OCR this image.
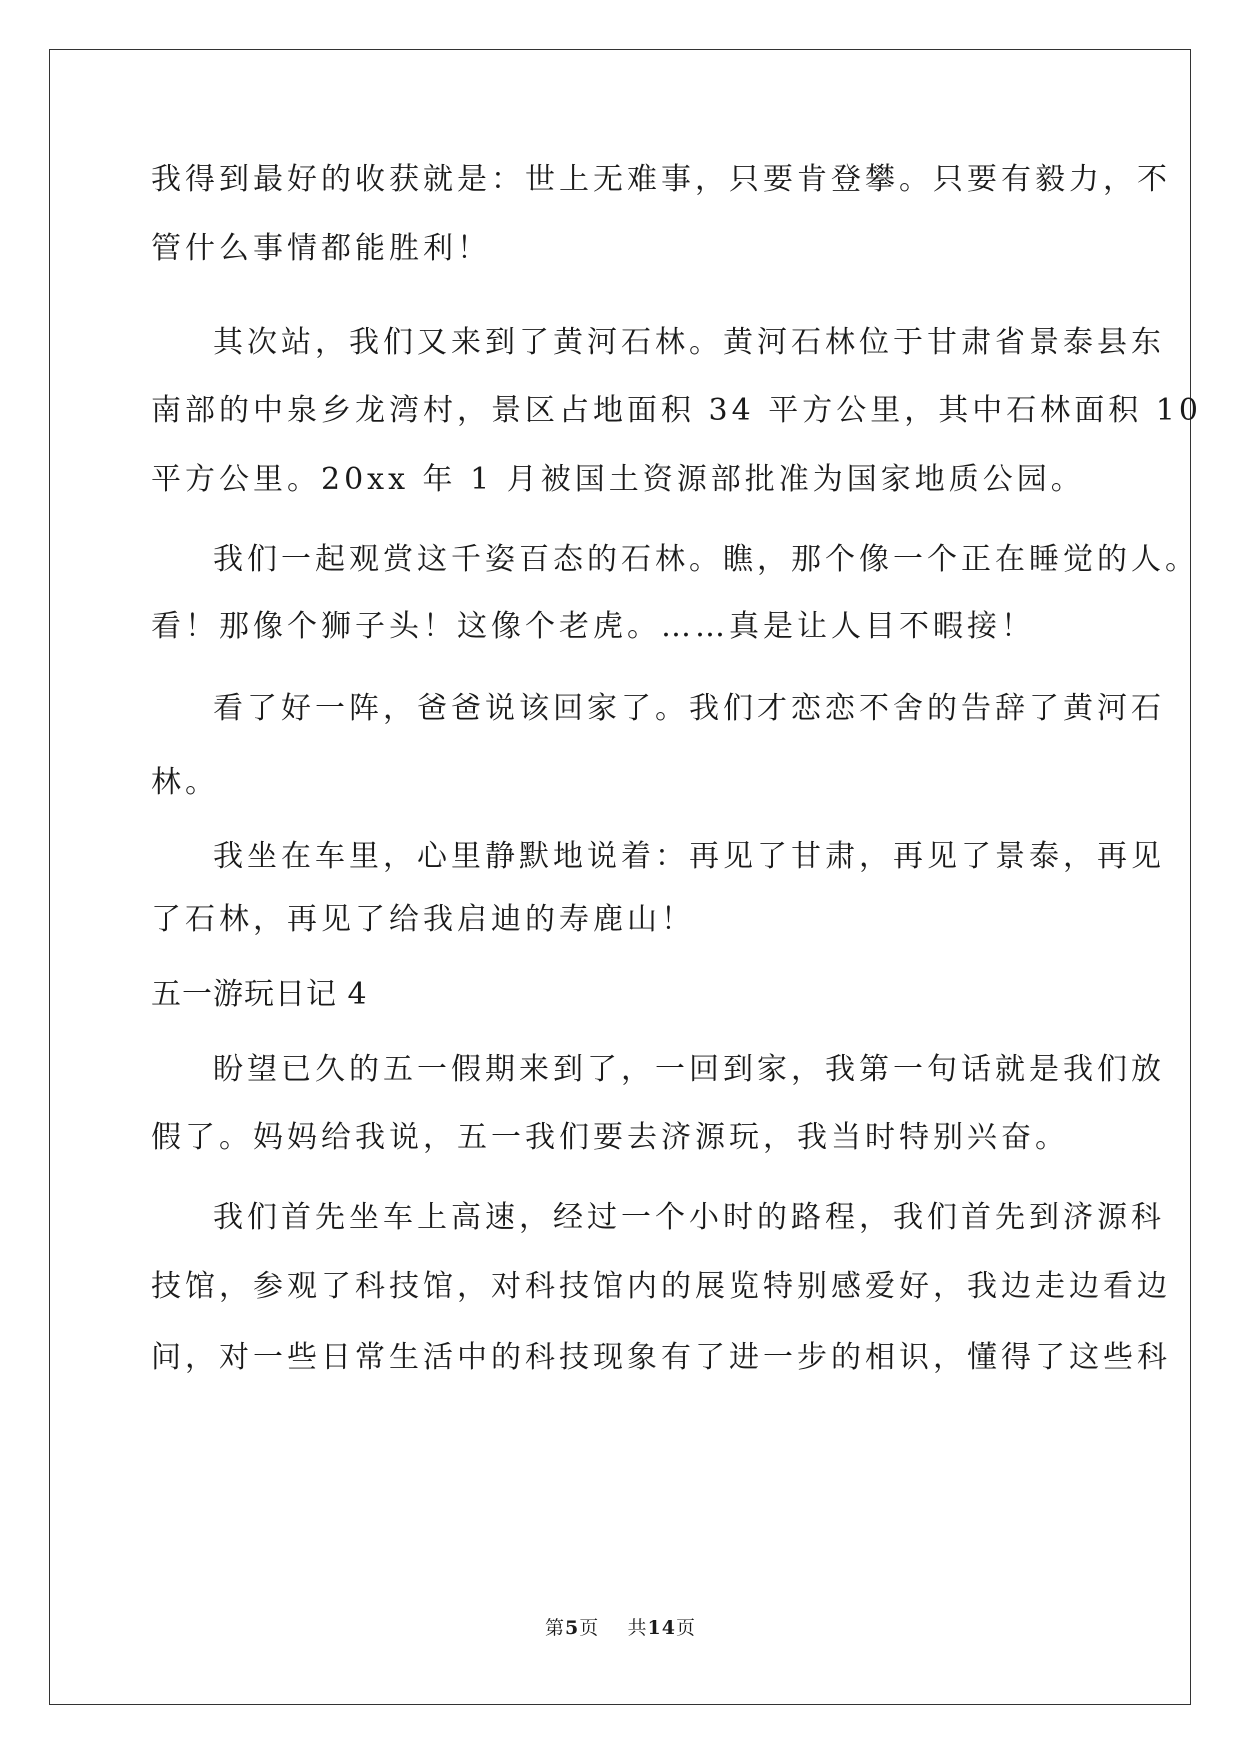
我得到最好的收获就是：世上无难事，只要肯登攀。只要有毅力，不
管什么事情都能胜利！
其次站，我们又来到了黄河石林。黄河石林位于甘肃省景泰县东
南部的中泉乡龙湾村，景区占地面积 34 平方公里，其中石林面积 10
平方公里。20xx 年 1 月被国土资源部批准为国家地质公园。
我们一起观赏这千姿百态的石林。瞧，那个像一个正在睡觉的人。
看！那像个狮子头！这像个老虎。……真是让人目不暇接！
看了好一阵，爸爸说该回家了。我们才恋恋不舍的告辞了黄河石
林。
我坐在车里，心里静默地说着：再见了甘肃，再见了景泰，再见
了石林，再见了给我启迪的寿鹿山！
五一游玩日记 4
盼望已久的五一假期来到了，一回到家，我第一句话就是我们放
假了。妈妈给我说，五一我们要去济源玩，我当时特别兴奋。
我们首先坐车上高速，经过一个小时的路程，我们首先到济源科
技馆，参观了科技馆，对科技馆内的展览特别感爱好，我边走边看边
问，对一些日常生活中的科技现象有了进一步的相识，懂得了这些科
第5页 共14页
